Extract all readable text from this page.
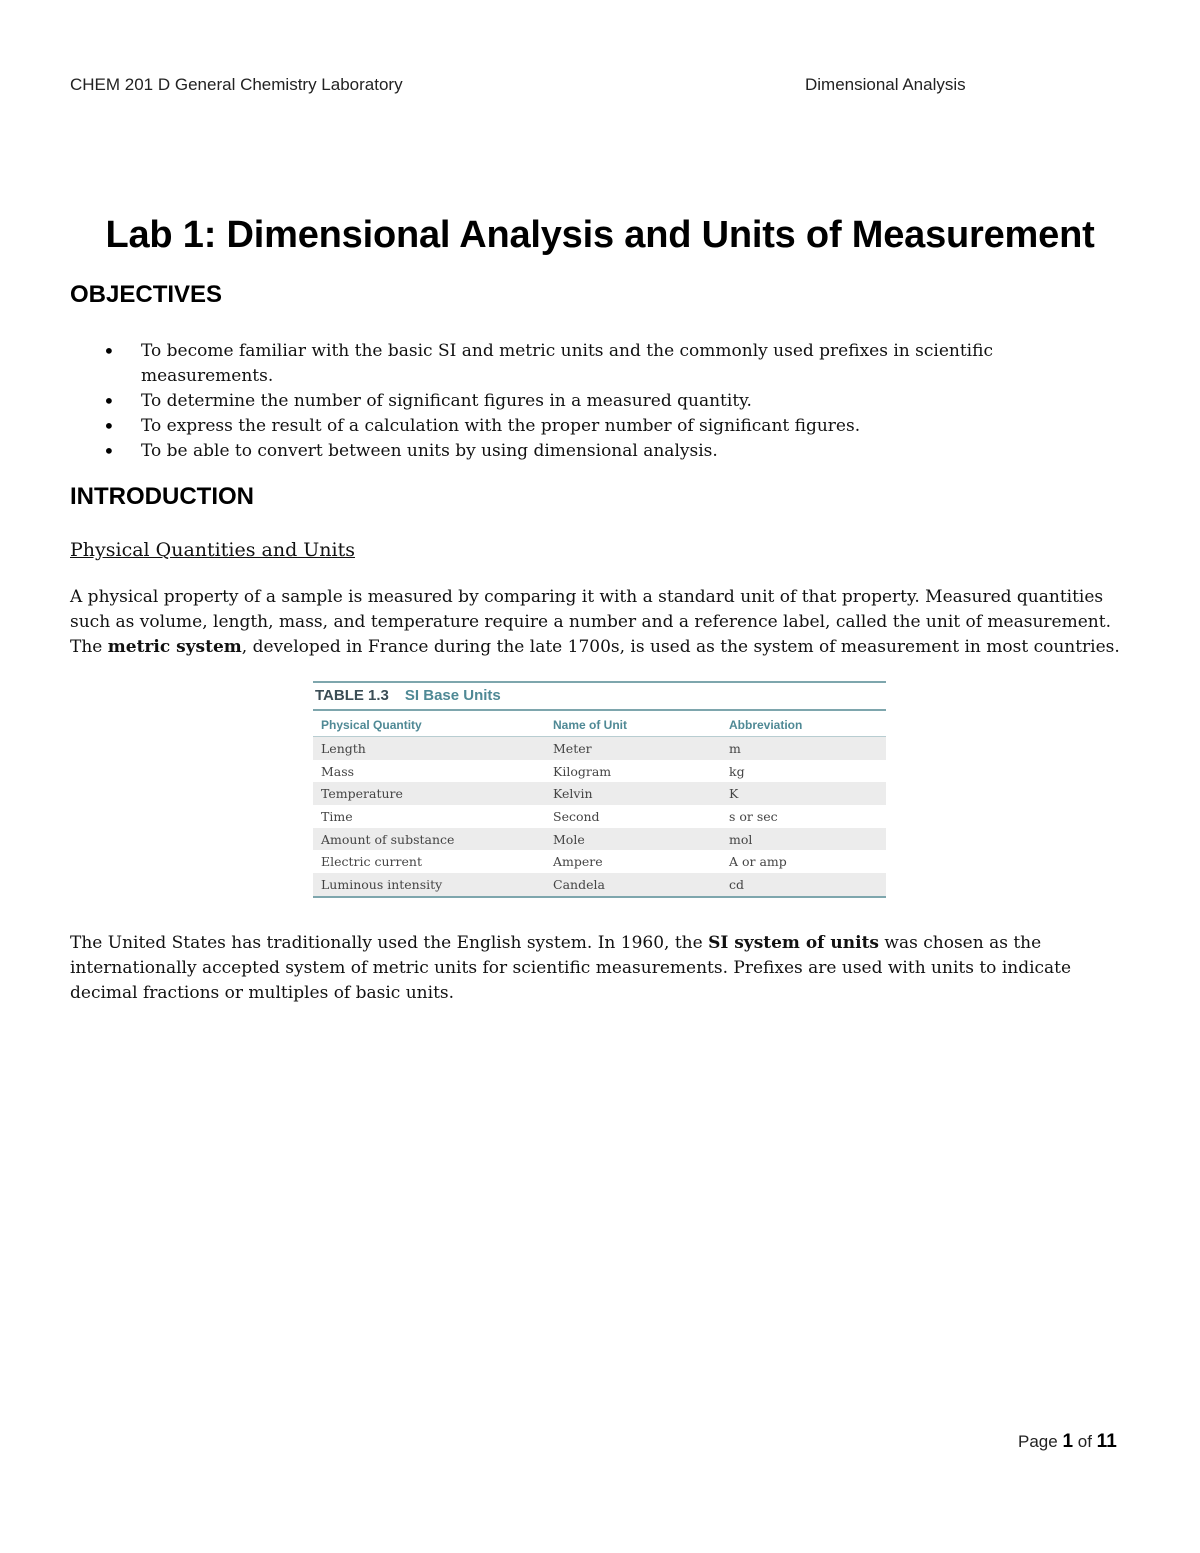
CHEM 201 D General Chemistry Laboratory	Dimensional Analysis
Lab 1: Dimensional Analysis and Units of Measurement
OBJECTIVES
• To become familiar with the basic SI and metric units and the commonly used prefixes in scientific measurements.
• To determine the number of significant figures in a measured quantity.
• To express the result of a calculation with the proper number of significant figures.
• To be able to convert between units by using dimensional analysis.
INTRODUCTION
Physical Quantities and Units

A physical property of a sample is measured by comparing it with a standard unit of that property. Measured quantities such as volume, length, mass, and temperature require a number and a reference label, called the unit of measurement. The metric system, developed in France during the late 1700s, is used as the system of measurement in most countries.

TABLE 1.3 SI Base Units
Physical Quantity	Name of Unit	Abbreviation
Length	Meter	m
Mass	Kilogram	kg
Temperature	Kelvin	K
Time	Second	s or sec
Amount of substance	Mole	mol
Electric current	Ampere	A or amp
Luminous intensity	Candela	cd

The United States has traditionally used the English system. In 1960, the SI system of units was chosen as the internationally accepted system of metric units for scientific measurements. Prefixes are used with units to indicate decimal fractions or multiples of basic units.

Page 1 of 11
